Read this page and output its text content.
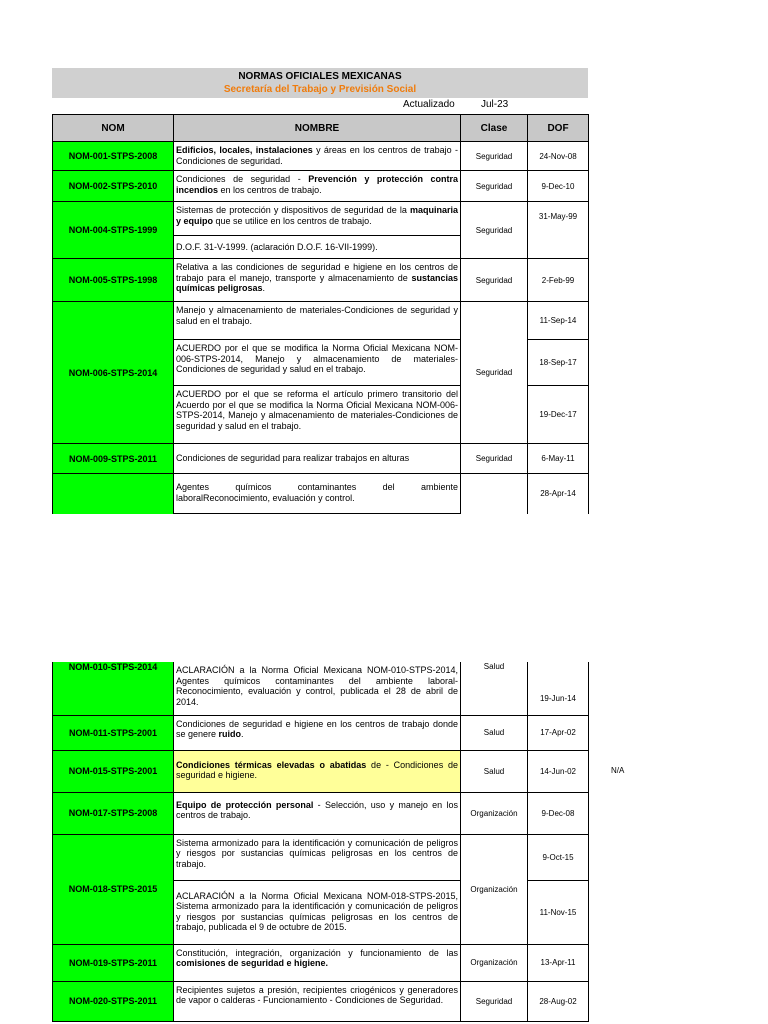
NORMAS OFICIALES MEXICANAS
Secretaría del Trabajo y Previsión Social
Actualizado	Jul-23
NOM	NOMBRE	Clase	DOF
NOM-001-STPS-2008	Edificios, locales, instalaciones y áreas en los centros de trabajo - Condiciones de seguridad.	Seguridad	24-Nov-08
NOM-002-STPS-2010	Condiciones de seguridad - Prevención y protección contra incendios en los centros de trabajo.	Seguridad	9-Dec-10
NOM-004-STPS-1999	Sistemas de protección y dispositivos de seguridad de la maquinaria y equipo que se utilice en los centros de trabajo.	Seguridad	31-May-99
	D.O.F. 31-V-1999. (aclaración D.O.F. 16-VII-1999).		
NOM-005-STPS-1998	Relativa a las condiciones de seguridad e higiene en los centros de trabajo para el manejo, transporte y almacenamiento de sustancias químicas peligrosas.	Seguridad	2-Feb-99
NOM-006-STPS-2014	Manejo y almacenamiento de materiales-Condiciones de seguridad y salud en el trabajo.	Seguridad	11-Sep-14
	ACUERDO por el que se modifica la Norma Oficial Mexicana NOM-006-STPS-2014, Manejo y almacenamiento de materiales-Condiciones de seguridad y salud en el trabajo.		18-Sep-17
	ACUERDO por el que se reforma el artículo primero transitorio del Acuerdo por el que se modifica la Norma Oficial Mexicana NOM-006-STPS-2014, Manejo y almacenamiento de materiales-Condiciones de seguridad y salud en el trabajo.		19-Dec-17
NOM-009-STPS-2011	Condiciones de seguridad para realizar trabajos en alturas	Seguridad	6-May-11
	Agentes químicos contaminantes del ambiente laboralReconocimiento, evaluación y control.		28-Apr-14
NOM-010-STPS-2014	ACLARACIÓN a la Norma Oficial Mexicana NOM-010-STPS-2014, Agentes químicos contaminantes del ambiente laboral-Reconocimiento, evaluación y control, publicada el 28 de abril de 2014.	Salud	19-Jun-14
NOM-011-STPS-2001	Condiciones de seguridad e higiene en los centros de trabajo donde se genere ruido.	Salud	17-Apr-02
NOM-015-STPS-2001	Condiciones térmicas elevadas o abatidas de - Condiciones de seguridad e higiene.	Salud	14-Jun-02
NOM-017-STPS-2008	Equipo de protección personal - Selección, uso y manejo en los centros de trabajo.	Organización	9-Dec-08
NOM-018-STPS-2015	Sistema armonizado para la identificación y comunicación de peligros y riesgos por sustancias químicas peligrosas en los centros de trabajo.	Organización	9-Oct-15
	ACLARACIÓN a la Norma Oficial Mexicana NOM-018-STPS-2015, Sistema armonizado para la identificación y comunicación de peligros y riesgos por sustancias químicas peligrosas en los centros de trabajo, publicada el 9 de octubre de 2015.		11-Nov-15
NOM-019-STPS-2011	Constitución, integración, organización y funcionamiento de las comisiones de seguridad e higiene.	Organización	13-Apr-11
NOM-020-STPS-2011	Recipientes sujetos a presión, recipientes criogénicos y generadores de vapor o calderas - Funcionamiento - Condiciones de Seguridad.	Seguridad	28-Aug-02
N/A
